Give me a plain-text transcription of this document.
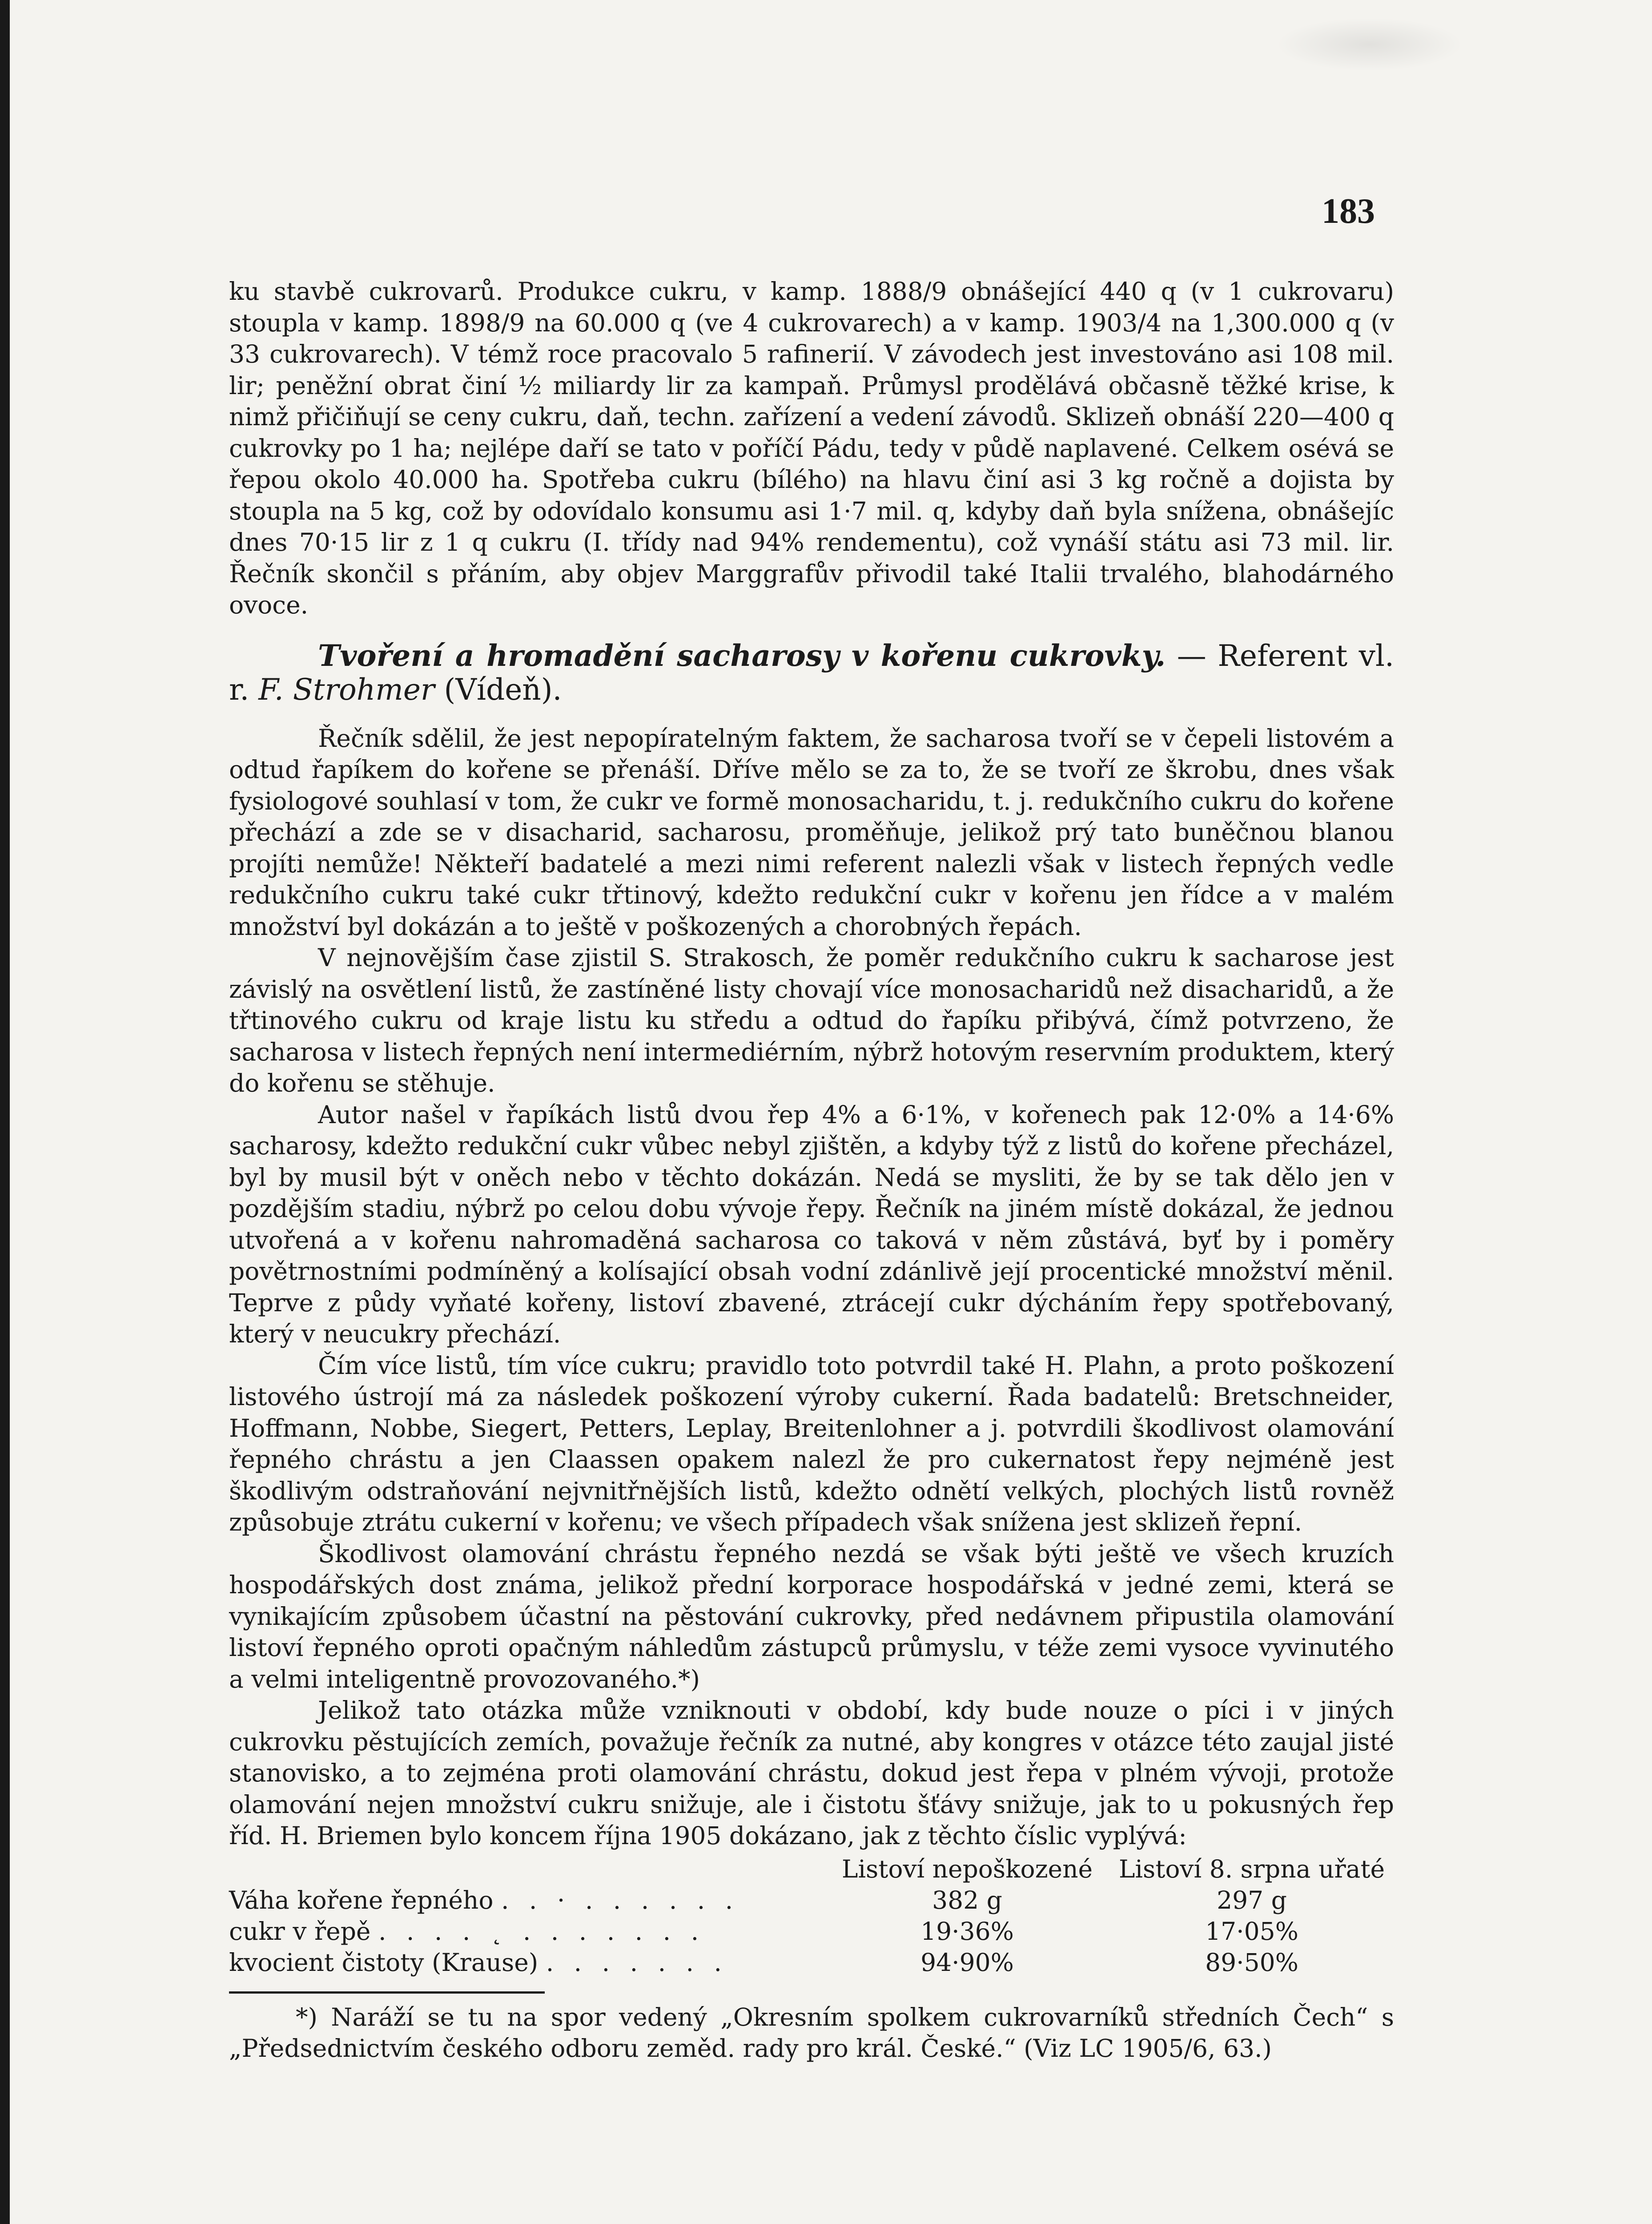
183

ku stavbě cukrovarů. Produkce cukru, v kamp. 1888/9 obnášející 440 q (v 1 cukrovaru) stoupla v kamp. 1898/9 na 60.000 q (ve 4 cukrovarech) a v kamp. 1903/4 na 1,300.000 q (v 33 cukrovarech). V témž roce pracovalo 5 rafinerií. V závodech jest investováno asi 108 mil. lir; peněžní obrat činí ½ miliardy lir za kampaň. Průmysl prodělává občasně těžké krise, k nimž přičiňují se ceny cukru, daň, techn. zařízení a vedení závodů. Sklizeň obnáší 220—400 q cukrovky po 1 ha; nejlépe daří se tato v poříčí Pádu, tedy v půdě naplavené. Celkem osévá se řepou okolo 40.000 ha. Spotřeba cukru (bílého) na hlavu činí asi 3 kg ročně a dojista by stoupla na 5 kg, což by odovídalo konsumu asi 1·7 mil. q, kdyby daň byla snížena, obnášejíc dnes 70·15 lir z 1 q cukru (I. třídy nad 94% rendementu), což vynáší státu asi 73 mil. lir. Řečník skončil s přáním, aby objev Marggrafův přivodil také Italii trvalého, blahodárného ovoce.

Tvoření a hromadění sacharosy v kořenu cukrovky. — Referent vl. r. F. Strohmer (Vídeň).

Řečník sdělil, že jest nepopíratelným faktem, že sacharosa tvoří se v čepeli listovém a odtud řapíkem do kořene se přenáší. Dříve mělo se za to, že se tvoří ze škrobu, dnes však fysiologové souhlasí v tom, že cukr ve formě monosacharidu, t. j. redukčního cukru do kořene přechází a zde se v disacharid, sacharosu, proměňuje, jelikož prý tato buněčnou blanou projíti nemůže! Někteří badatelé a mezi nimi referent nalezli však v listech řepných vedle redukčního cukru také cukr třtinový, kdežto redukční cukr v kořenu jen řídce a v malém množství byl dokázán a to ještě v poškozených a chorobných řepách.

V nejnovějším čase zjistil S. Strakosch, že poměr redukčního cukru k sacharose jest závislý na osvětlení listů, že zastíněné listy chovají více monosacharidů než disacharidů, a že třtinového cukru od kraje listu ku středu a odtud do řapíku přibývá, čímž potvrzeno, že sacharosa v listech řepných není intermediérním, nýbrž hotovým reservním produktem, který do kořenu se stěhuje.

Autor našel v řapíkách listů dvou řep 4% a 6·1%, v kořenech pak 12·0% a 14·6% sacharosy, kdežto redukční cukr vůbec nebyl zjištěn, a kdyby týž z listů do kořene přecházel, byl by musil být v oněch nebo v těchto dokázán. Nedá se mysliti, že by se tak dělo jen v pozdějším stadiu, nýbrž po celou dobu vývoje řepy. Řečník na jiném místě dokázal, že jednou utvořená a v kořenu nahromaděná sacharosa co taková v něm zůstává, byť by i poměry povětrnostními podmíněný a kolísající obsah vodní zdánlivě její procentické množství měnil. Teprve z půdy vyňaté kořeny, listoví zbavené, ztrácejí cukr dýcháním řepy spotřebovaný, který v neucukry přechází.

Čím více listů, tím více cukru; pravidlo toto potvrdil také H. Plahn, a proto poškození listového ústrojí má za následek poškození výroby cukerní. Řada badatelů: Bretschneider, Hoffmann, Nobbe, Siegert, Petters, Leplay, Breitenlohner a j. potvrdili škodlivost olamování řepného chrástu a jen Claassen opakem nalezl že pro cukernatost řepy nejméně jest škodlivým odstraňování nejvnitřnějších listů, kdežto odnětí velkých, plochých listů rovněž způsobuje ztrátu cukerní v kořenu; ve všech případech však snížena jest sklizeň řepní.

Škodlivost olamování chrástu řepného nezdá se však býti ještě ve všech kruzích hospodářských dost známa, jelikož přední korporace hospodářská v jedné zemi, která se vynikajícím způsobem účastní na pěstování cukrovky, před nedávnem připustila olamování listoví řepného oproti opačným náhledům zástupců průmyslu, v téže zemi vysoce vyvinutého a velmi inteligentně provozovaného.*)

Jelikož tato otázka může vzniknouti v období, kdy bude nouze o píci i v jiných cukrovku pěstujících zemích, považuje řečník za nutné, aby kongres v otázce této zaujal jisté stanovisko, a to zejména proti olamování chrástu, dokud jest řepa v plném vývoji, protože olamování nejen množství cukru snižuje, ale i čistotu šťávy snižuje, jak to u pokusných řep říd. H. Briemen bylo koncem října 1905 dokázano, jak z těchto číslic vyplývá:

	Listoví nepoškozené	Listoví 8. srpna uřaté
Váha kořene řepného . . · . . . . . .	382 g	297 g
cukr v řepě . . . . ˛ . . . . . . .	19·36%	17·05%
kvocient čistoty (Krause) . . . . . . .	94·90%	89·50%

*) Naráží se tu na spor vedený „Okresním spolkem cukrovarníků středních Čech“ s „Předsednictvím českého odboru zeměd. rady pro král. České.“ (Viz LC 1905/6, 63.)
